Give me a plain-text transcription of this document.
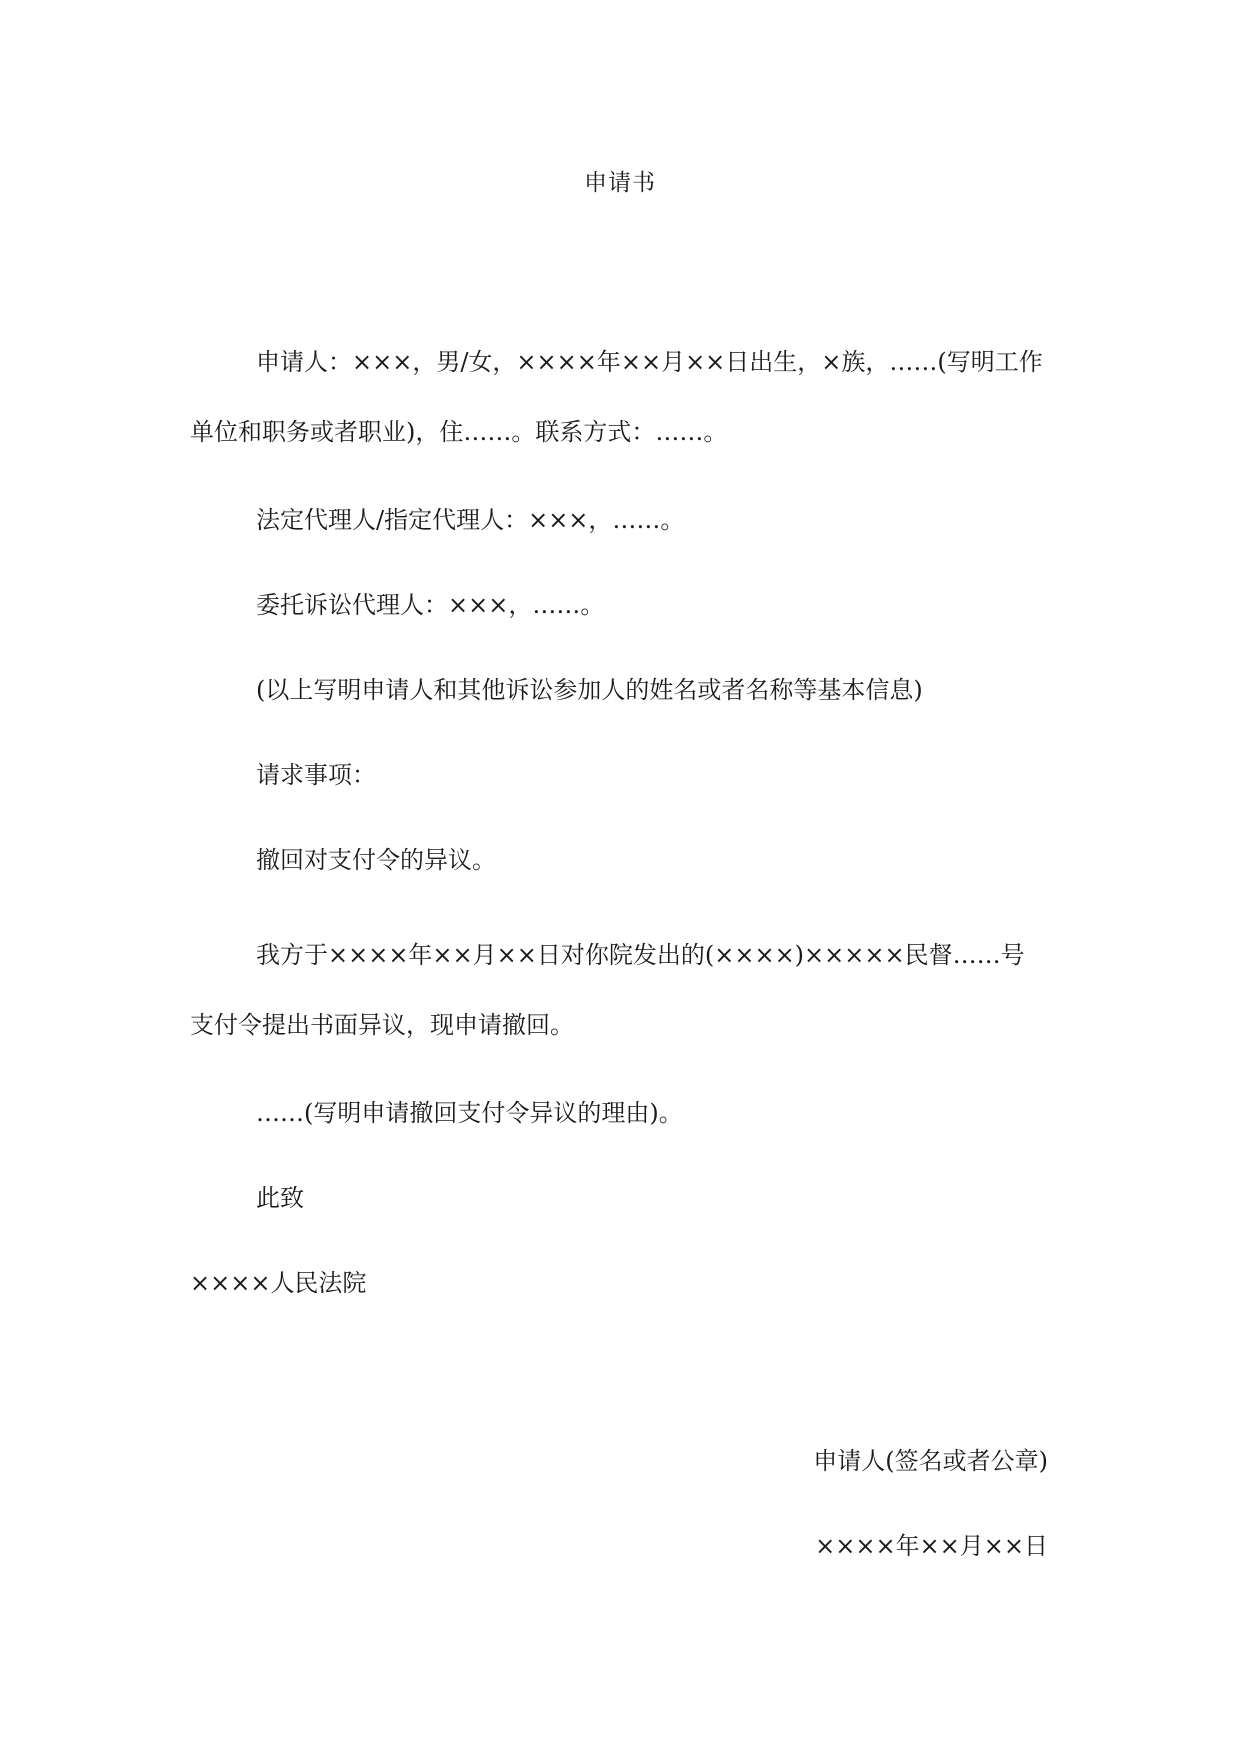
申请书
申请人：×××，男/女，××××年××月××日出生，×族，……(写明工作单位和职务或者职业)，住……。联系方式：……。
法定代理人/指定代理人：×××，……。
委托诉讼代理人：×××，……。
(以上写明申请人和其他诉讼参加人的姓名或者名称等基本信息)
请求事项：
撤回对支付令的异议。
我方于××××年××月××日对你院发出的(××××)×××××民督……号支付令提出书面异议，现申请撤回。
……(写明申请撤回支付令异议的理由)。
此致
××××人民法院
申请人(签名或者公章)
××××年××月××日
